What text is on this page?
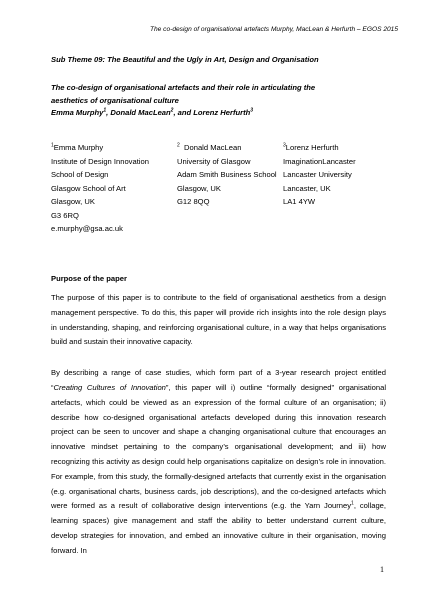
The co-design of organisational artefacts Murphy, MacLean & Herfurth – EGOS 2015
Sub Theme 09: The Beautiful and the Ugly in Art, Design and Organisation
The co-design of organisational artefacts and their role in articulating the
aesthetics of organisational culture
Emma Murphy$^1$, Donald MacLean$^2$, and Lorenz Herfurth$^3$
$^1$Emma Murphy
Institute of Design Innovation
School of Design
Glasgow School of Art
Glasgow, UK
G3 6RQ
e.murphy@gsa.ac.uk
$^2$ Donald MacLean
University of Glasgow
Adam Smith Business School
Glasgow, UK
G12 8QQ
$^3$Lorenz Herfurth
ImaginationLancaster
Lancaster University
Lancaster, UK
LA1 4YW
Purpose of the paper

The purpose of this paper is to contribute to the field of organisational aesthetics from a design management perspective. To do this, this paper will provide rich insights into the role design plays in understanding, shaping, and reinforcing organisational culture, in a way that helps organisations build and sustain their innovative capacity.

By describing a range of case studies, which form part of a 3-year research project entitled “Creating Cultures of Innovation”, this paper will i) outline “formally designed” organisational artefacts, which could be viewed as an expression of the formal culture of an organisation; ii) describe how co-designed organisational artefacts developed during this innovation research project can be seen to uncover and shape a changing organisational culture that encourages an innovative mindset pertaining to the company’s organisational development; and iii) how recognizing this activity as design could help organisations capitalize on design’s role in innovation. For example, from this study, the formally-designed artefacts that currently exist in the organisation (e.g. organisational charts, business cards, job descriptions), and the co-designed artefacts which were formed as a result of collaborative design interventions (e.g. the Yarn Journey$^1$, collage, learning spaces) give management and staff the ability to better understand current culture, develop strategies for innovation, and embed an innovative culture in their organisation, moving forward. In

1
